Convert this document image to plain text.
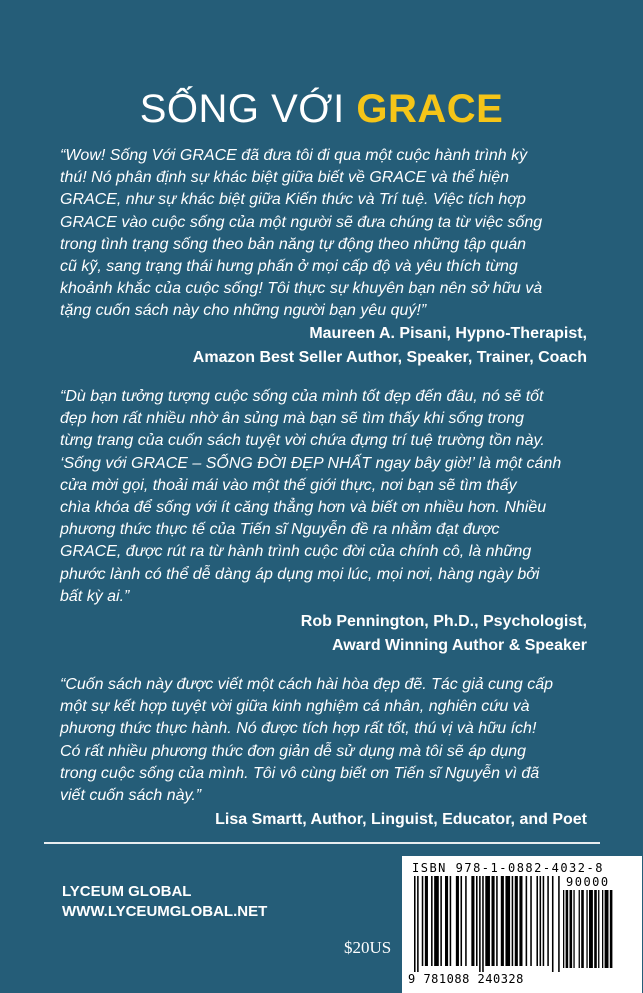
SỐNG VỚI GRACE
“Wow! Sống Với GRACE đã đưa tôi đi qua một cuộc hành trình kỳ
thú! Nó phân định sự khác biệt giữa biết về GRACE và thể hiện
GRACE, như sự khác biệt giữa Kiến thức và Trí tuệ. Việc tích hợp
GRACE vào cuộc sống của một người sẽ đưa chúng ta từ việc sống
trong tình trạng sống theo bản năng tự động theo những tập quán
cũ kỹ, sang trạng thái hưng phấn ở mọi cấp độ và yêu thích từng
khoảnh khắc của cuộc sống! Tôi thực sự khuyên bạn nên sở hữu và
tặng cuốn sách này cho những người bạn yêu quý!”
Maureen A. Pisani, Hypno-Therapist,
Amazon Best Seller Author, Speaker, Trainer, Coach
“Dù bạn tưởng tượng cuộc sống của mình tốt đẹp đến đâu, nó sẽ tốt
đẹp hơn rất nhiều nhờ ân sủng mà bạn sẽ tìm thấy khi sống trong
từng trang của cuốn sách tuyệt vời chứa đựng trí tuệ trường tồn này.
‘Sống với GRACE – SỐNG ĐỜI ĐẸP NHẤT ngay bây giờ!’ là một cánh
cửa mời gọi, thoải mái vào một thế giới thực, nơi bạn sẽ tìm thấy
chìa khóa để sống với ít căng thẳng hơn và biết ơn nhiều hơn. Nhiều
phương thức thực tế của Tiến sĩ Nguyễn đề ra nhằm đạt được
GRACE, được rút ra từ hành trình cuộc đời của chính cô, là những
phước lành có thể dễ dàng áp dụng mọi lúc, mọi nơi, hàng ngày bởi
bất kỳ ai.”
Rob Pennington, Ph.D., Psychologist,
Award Winning Author & Speaker
“Cuốn sách này được viết một cách hài hòa đẹp đẽ. Tác giả cung cấp
một sự kết hợp tuyệt vời giữa kinh nghiệm cá nhân, nghiên cứu và
phương thức thực hành. Nó được tích hợp rất tốt, thú vị và hữu ích!
Có rất nhiều phương thức đơn giản dễ sử dụng mà tôi sẽ áp dụng
trong cuộc sống của mình. Tôi vô cùng biết ơn Tiến sĩ Nguyễn vì đã
viết cuốn sách này.”
Lisa Smartt, Author, Linguist, Educator, and Poet
LYCEUM GLOBAL
WWW.LYCEUMGLOBAL.NET
$20US
ISBN 978-1-0882-4032-8
90000
9 781088 240328
